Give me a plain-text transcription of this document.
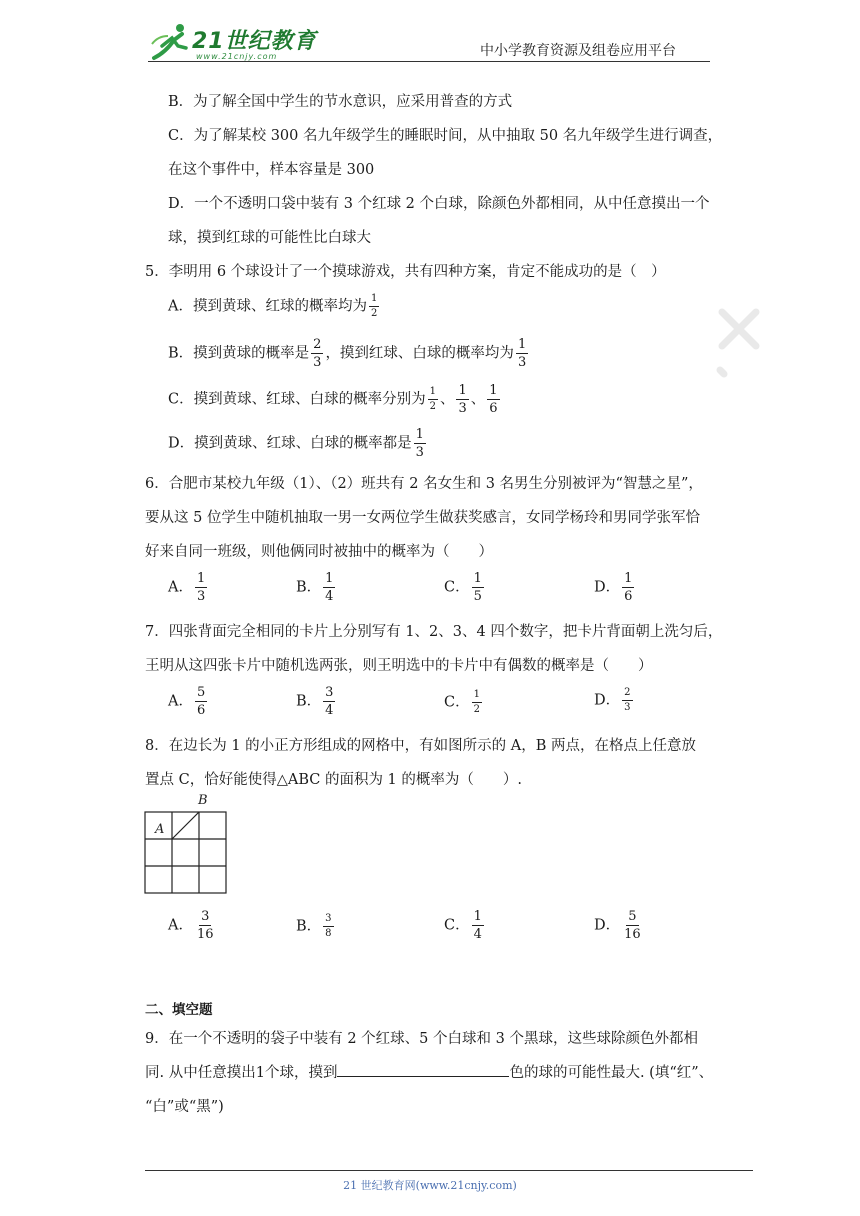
21世纪教育
www.21cnjy.com	中小学教育资源及组卷应用平台
B．为了解全国中学生的节水意识，应采用普查的方式
C．为了解某校 300 名九年级学生的睡眠时间，从中抽取 50 名九年级学生进行调查，
在这个事件中，样本容量是 300
D．一个不透明口袋中装有 3 个红球 2 个白球，除颜色外都相同，从中任意摸出一个
球，摸到红球的可能性比白球大
5．李明用 6 个球设计了一个摸球游戏，共有四种方案，肯定不能成功的是（　）
A．摸到黄球、红球的概率均为 $\frac{1}{2}$
B．摸到黄球的概率是 $\frac{2}{3}$ ，摸到红球、白球的概率均为 $\frac{1}{3}$
C．摸到黄球、红球、白球的概率分别为 $\frac{1}{2}$ 、 $\frac{1}{3}$ 、 $\frac{1}{6}$
D．摸到黄球、红球、白球的概率都是 $\frac{1}{3}$
6．合肥市某校九年级（1）、（2）班共有 2 名女生和 3 名男生分别被评为“智慧之星”，
要从这 5 位学生中随机抽取一男一女两位学生做获奖感言，女同学杨玲和男同学张军恰
好来自同一班级，则他俩同时被抽中的概率为（　　）
A． $\frac{1}{3}$	B． $\frac{1}{4}$	C． $\frac{1}{5}$	D． $\frac{1}{6}$
7．四张背面完全相同的卡片上分别写有 1、2、3、4 四个数字，把卡片背面朝上洗匀后，
王明从这四张卡片中随机选两张，则王明选中的卡片中有偶数的概率是（　　）
A． $\frac{5}{6}$	B． $\frac{3}{4}$	C． $\frac{1}{2}$	D． $\frac{2}{3}$
8．在边长为 1 的小正方形组成的网格中，有如图所示的 A，B 两点，在格点上任意放
置点 C，恰好能使得△ABC 的面积为 1 的概率为（　　）.
A
B
A． $\frac{3}{16}$	B． $\frac{3}{8}$	C． $\frac{1}{4}$	D． $\frac{5}{16}$
二、填空题
9．在一个不透明的袋子中装有 2 个红球、5 个白球和 3 个黑球，这些球除颜色外都相
同. 从中任意摸出1个球，摸到	色的球的可能性最大. (填“红”、
“白”或“黑”)
21 世纪教育网(www.21cnjy.com)
